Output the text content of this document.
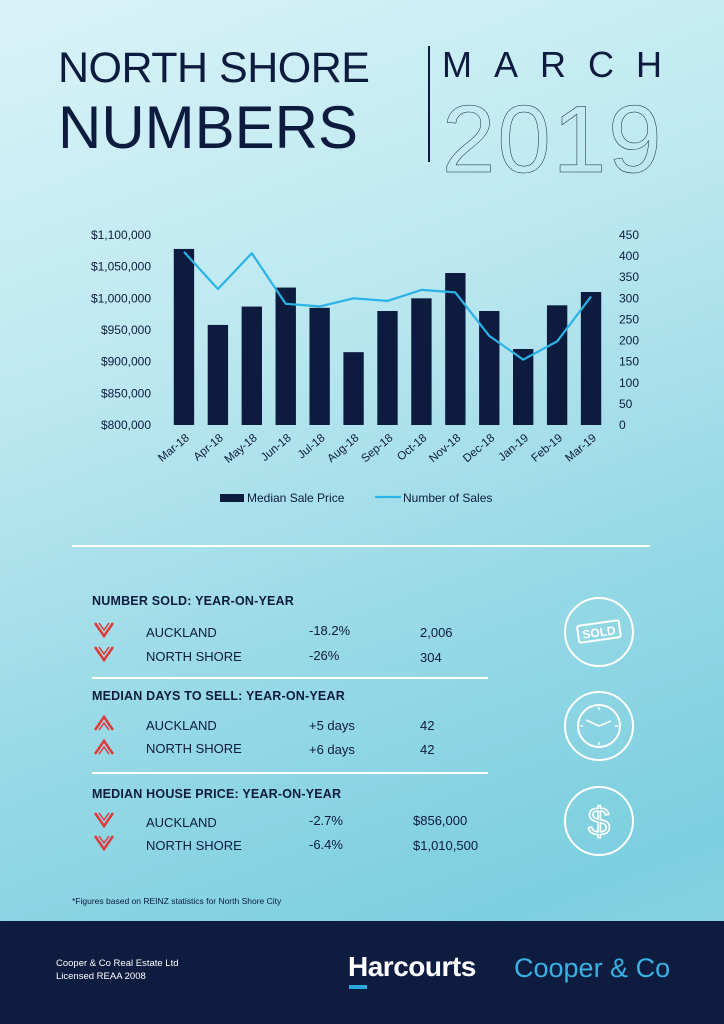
NORTH SHORE
NUMBERS
MARCH
2019
$800,000
$850,000
$900,000
$950,000
$1,000,000
$1,050,000
$1,100,000
0
50
100
150
200
250
300
350
400
450
Mar-18 Apr-18
May-18 Jun-18 Jul-18
Aug-18
Sep-18 Oct-18
Nov-18
Dec-18 Jan-19
Feb-19
Mar-19
Median Sale Price	Number of Sales
NUMBER SOLD: YEAR-ON-YEAR
AUCKLAND	-18.2%	2,006
NORTH SHORE	-26%	304
SOLD
MEDIAN DAYS TO SELL: YEAR-ON-YEAR
AUCKLAND	+5 days	42
NORTH SHORE	+6 days	42
MEDIAN HOUSE PRICE: YEAR-ON-YEAR
AUCKLAND	-2.7%	$856,000
NORTH SHORE	-6.4%	$1,010,500
$
*Figures based on REINZ statistics for North Shore City
Cooper & Co Real Estate Ltd
Licensed REAA 2008	Harcourts Cooper & Co
